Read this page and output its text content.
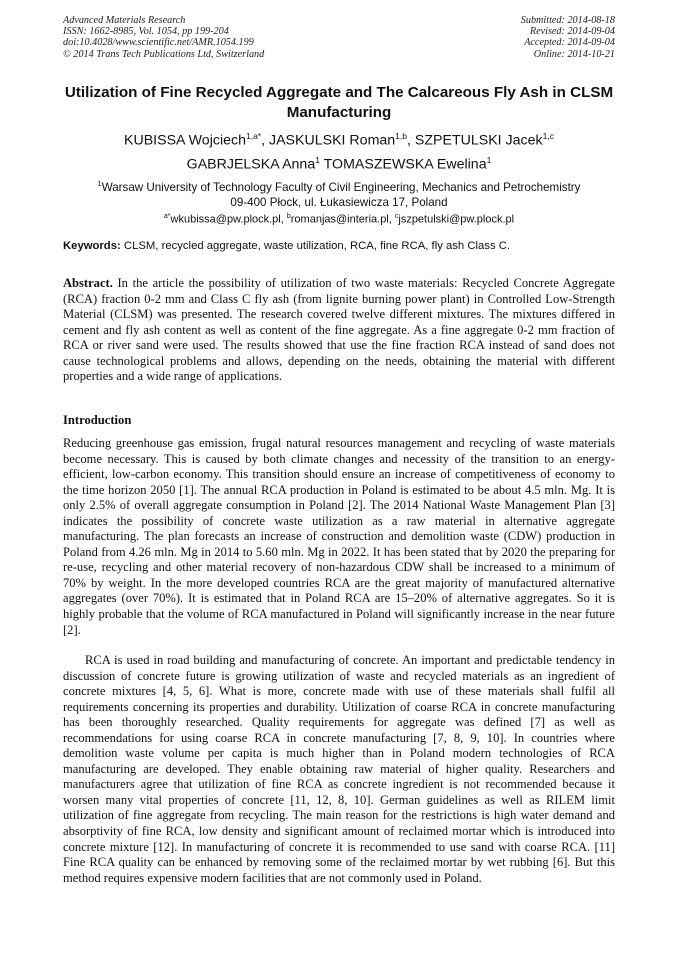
Advanced Materials Research
ISSN: 1662-8985, Vol. 1054, pp 199-204
doi:10.4028/www.scientific.net/AMR.1054.199
© 2014 Trans Tech Publications Ltd, Switzerland
Submitted: 2014-08-18
Revised: 2014-09-04
Accepted: 2014-09-04
Online: 2014-10-21
Utilization of Fine Recycled Aggregate and The Calcareous Fly Ash in CLSM Manufacturing
KUBISSA Wojciech$^{1,a*}$, JASKULSKI Roman$^{1,b}$, SZPETULSKI Jacek$^{1,c}$
GABRJELSKA Anna$^1$ TOMASZEWSKA Ewelina$^1$
$^1$Warsaw University of Technology Faculty of Civil Engineering, Mechanics and Petrochemistry
09-400 Płock, ul. Łukasiewicza 17, Poland
$^{a*}$wkubissa@pw.plock.pl, $^b$romanjas@interia.pl, $^c$jszpetulski@pw.plock.pl
Keywords: CLSM, recycled aggregate, waste utilization, RCA, fine RCA, fly ash Class C.
Abstract. In the article the possibility of utilization of two waste materials: Recycled Concrete Aggregate (RCA) fraction 0-2 mm and Class C fly ash (from lignite burning power plant) in Controlled Low-Strength Material (CLSM) was presented. The research covered twelve different mixtures. The mixtures differed in cement and fly ash content as well as content of the fine aggregate. As a fine aggregate 0-2 mm fraction of RCA or river sand were used. The results showed that use the fine fraction RCA instead of sand does not cause technological problems and allows, depending on the needs, obtaining the material with different properties and a wide range of applications.
Introduction
Reducing greenhouse gas emission, frugal natural resources management and recycling of waste materials become necessary. This is caused by both climate changes and necessity of the transition to an energy-efficient, low-carbon economy. This transition should ensure an increase of competitiveness of economy to the time horizon 2050 [1]. The annual RCA production in Poland is estimated to be about 4.5 mln. Mg. It is only 2.5% of overall aggregate consumption in Poland [2]. The 2014 National Waste Management Plan [3] indicates the possibility of concrete waste utilization as a raw material in alternative aggregate manufacturing. The plan forecasts an increase of construction and demolition waste (CDW) production in Poland from 4.26 mln. Mg in 2014 to 5.60 mln. Mg in 2022. It has been stated that by 2020 the preparing for re-use, recycling and other material recovery of non-hazardous CDW shall be increased to a minimum of 70% by weight. In the more developed countries RCA are the great majority of manufactured alternative aggregates (over 70%). It is estimated that in Poland RCA are 15–20% of alternative aggregates. So it is highly probable that the volume of RCA manufactured in Poland will significantly increase in the near future [2].
RCA is used in road building and manufacturing of concrete. An important and predictable tendency in discussion of concrete future is growing utilization of waste and recycled materials as an ingredient of concrete mixtures [4, 5, 6]. What is more, concrete made with use of these materials shall fulfil all requirements concerning its properties and durability. Utilization of coarse RCA in concrete manufacturing has been thoroughly researched. Quality requirements for aggregate was defined [7] as well as recommendations for using coarse RCA in concrete manufacturing [7, 8, 9, 10]. In countries where demolition waste volume per capita is much higher than in Poland modern technologies of RCA manufacturing are developed. They enable obtaining raw material of higher quality. Researchers and manufacturers agree that utilization of fine RCA as concrete ingredient is not recommended because it worsen many vital properties of concrete [11, 12, 8, 10]. German guidelines as well as RILEM limit utilization of fine aggregate from recycling. The main reason for the restrictions is high water demand and absorptivity of fine RCA, low density and significant amount of reclaimed mortar which is introduced into concrete mixture [12]. In manufacturing of concrete it is recommended to use sand with coarse RCA. [11] Fine RCA quality can be enhanced by removing some of the reclaimed mortar by wet rubbing [6]. But this method requires expensive modern facilities that are not commonly used in Poland.
